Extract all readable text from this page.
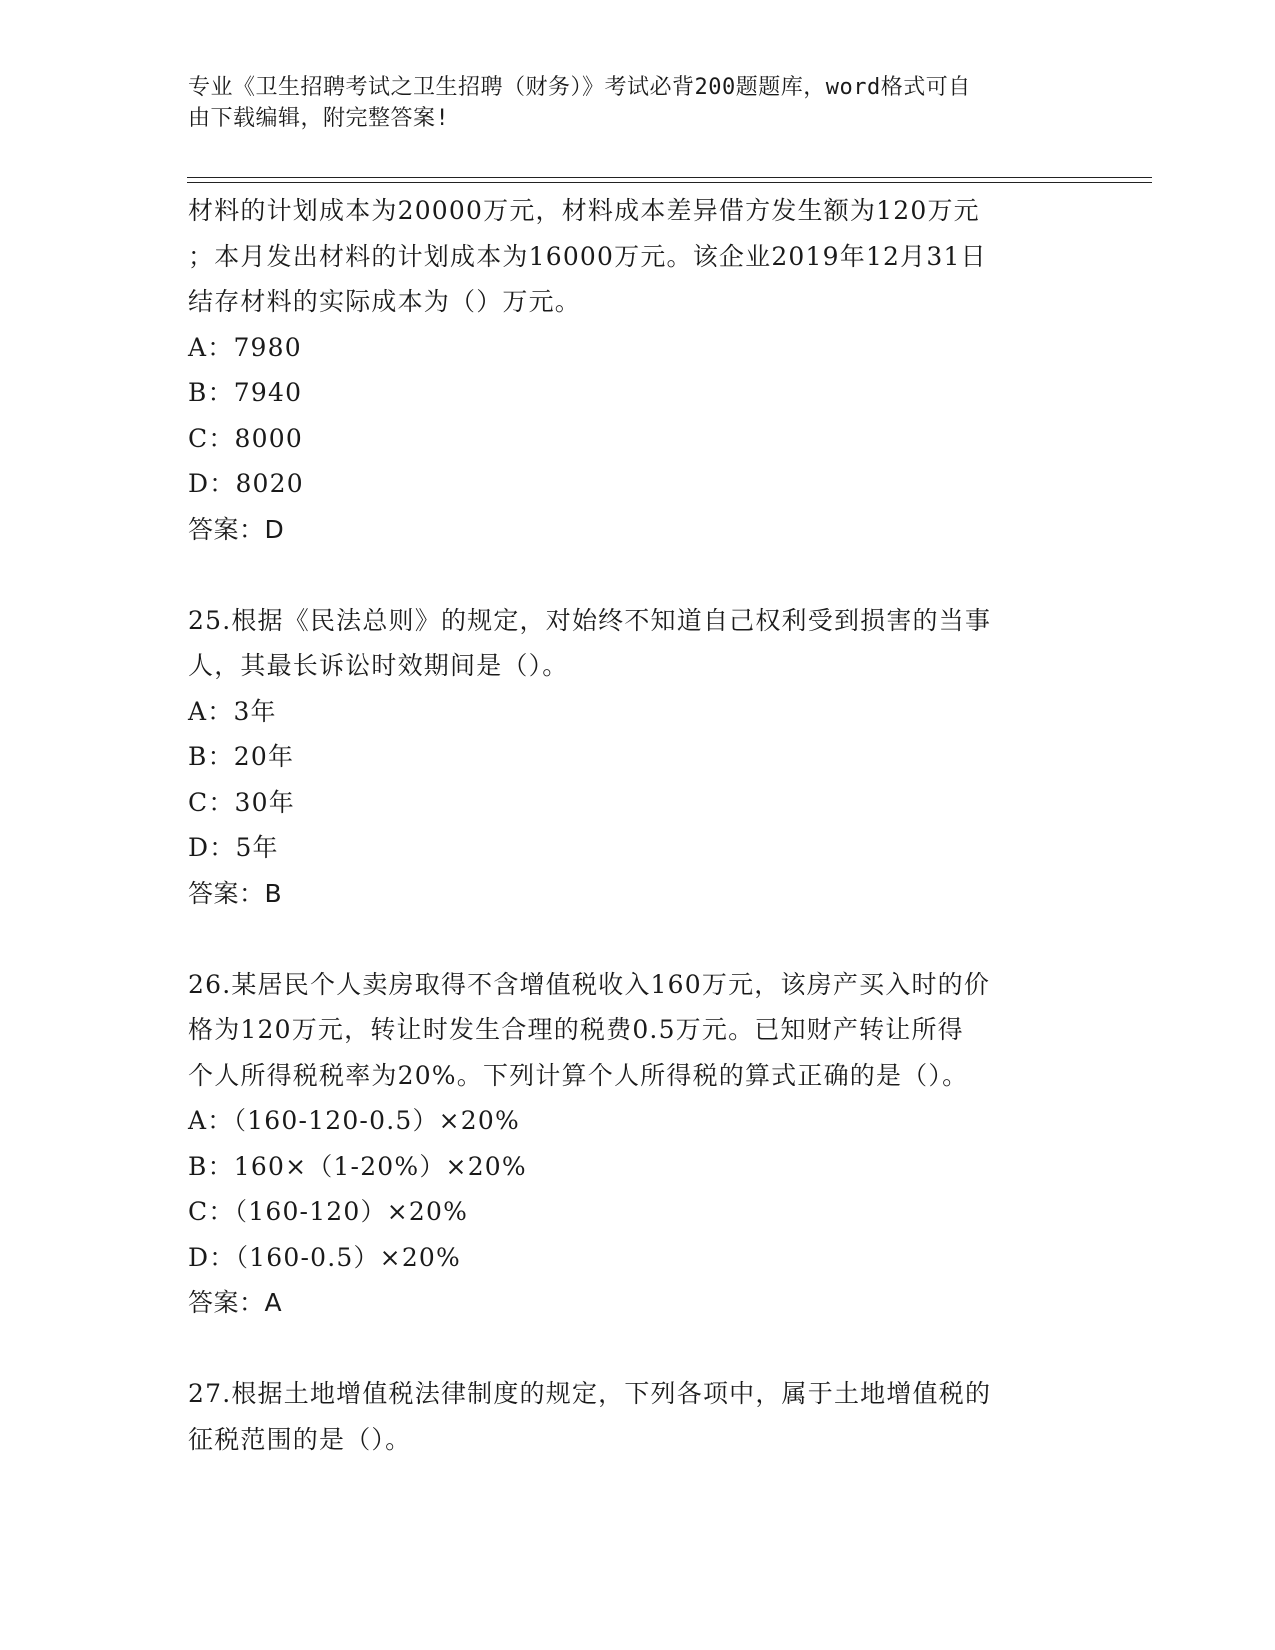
专业《卫生招聘考试之卫生招聘（财务）》考试必背200题题库，word格式可自
由下载编辑，附完整答案!
材料的计划成本为20000万元，材料成本差异借方发生额为120万元
；本月发出材料的计划成本为16000万元。该企业2019年12月31日
结存材料的实际成本为（）万元。
A：7980
B：7940
C：8000
D：8020
答案：D
25.根据《民法总则》的规定，对始终不知道自己权利受到损害的当事
人，其最长诉讼时效期间是（）。
A：3年
B：20年
C：30年
D：5年
答案：B
26.某居民个人卖房取得不含增值税收入160万元，该房产买入时的价
格为120万元，转让时发生合理的税费0.5万元。已知财产转让所得
个人所得税税率为20%。下列计算个人所得税的算式正确的是（）。
A：（160-120-0.5）×20%
B：160×（1-20%）×20%
C：（160-120）×20%
D：（160-0.5）×20%
答案：A
27.根据土地增值税法律制度的规定，下列各项中，属于土地增值税的
征税范围的是（）。
